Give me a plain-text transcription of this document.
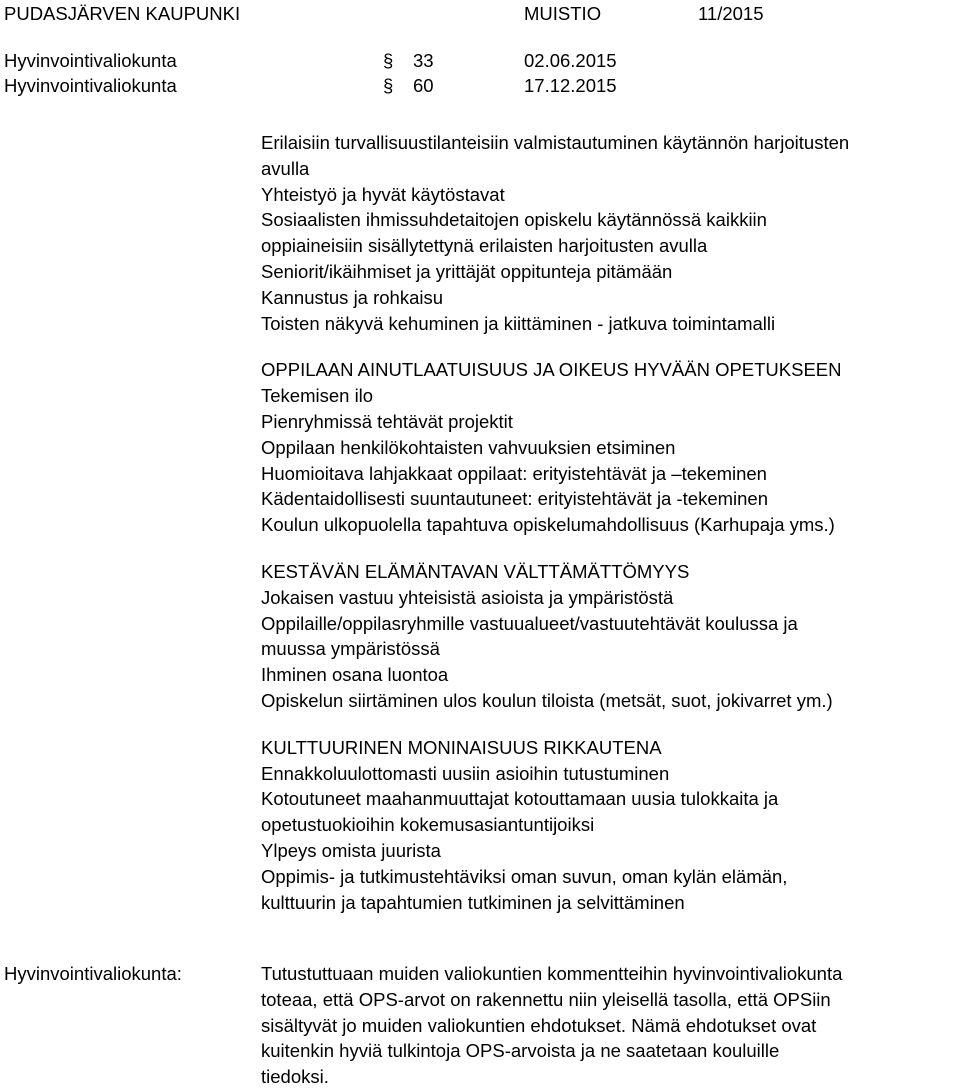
PUDASJÄRVEN KAUPUNKI	MUISTIO	11/2015
Hyvinvointivaliokunta	§ 33	02.06.2015
Hyvinvointivaliokunta	§ 60	17.12.2015
Erilaisiin turvallisuustilanteisiin valmistautuminen käytännön harjoitusten
avulla
Yhteistyö ja hyvät käytöstavat
Sosiaalisten ihmissuhdetaitojen opiskelu käytännössä kaikkiin
oppiaineisiin sisällytettynä erilaisten harjoitusten avulla
Seniorit/ikäihmiset ja yrittäjät oppitunteja pitämään
Kannustus ja rohkaisu
Toisten näkyvä kehuminen ja kiittäminen - jatkuva toimintamalli
OPPILAAN AINUTLAATUISUUS JA OIKEUS HYVÄÄN OPETUKSEEN
Tekemisen ilo
Pienryhmissä tehtävät projektit
Oppilaan henkilökohtaisten vahvuuksien etsiminen
Huomioitava lahjakkaat oppilaat: erityistehtävät ja –tekeminen
Kädentaidollisesti suuntautuneet: erityistehtävät ja -tekeminen
Koulun ulkopuolella tapahtuva opiskelumahdollisuus (Karhupaja yms.)
KESTÄVÄN ELÄMÄNTAVAN VÄLTTÄMÄTTÖMYYS
Jokaisen vastuu yhteisistä asioista ja ympäristöstä
Oppilaille/oppilasryhmille vastuualueet/vastuutehtävät koulussa ja
muussa ympäristössä
Ihminen osana luontoa
Opiskelun siirtäminen ulos koulun tiloista (metsät, suot, jokivarret ym.)
KULTTUURINEN MONINAISUUS RIKKAUTENA
Ennakkoluulottomasti uusiin asioihin tutustuminen
Kotoutuneet maahanmuuttajat kotouttamaan uusia tulokkaita ja
opetustuokioihin kokemusasiantuntijoiksi
Ylpeys omista juurista
Oppimis- ja tutkimustehtäviksi oman suvun, oman kylän elämän,
kulttuurin ja tapahtumien tutkiminen ja selvittäminen
Hyvinvointivaliokunta:	Tutustuttuaan muiden valiokuntien kommentteihin hyvinvointivaliokunta
toteaa, että OPS-arvot on rakennettu niin yleisellä tasolla, että OPSiin
sisältyvät jo muiden valiokuntien ehdotukset. Nämä ehdotukset ovat
kuitenkin hyviä tulkintoja OPS-arvoista ja ne saatetaan kouluille
tiedoksi.
